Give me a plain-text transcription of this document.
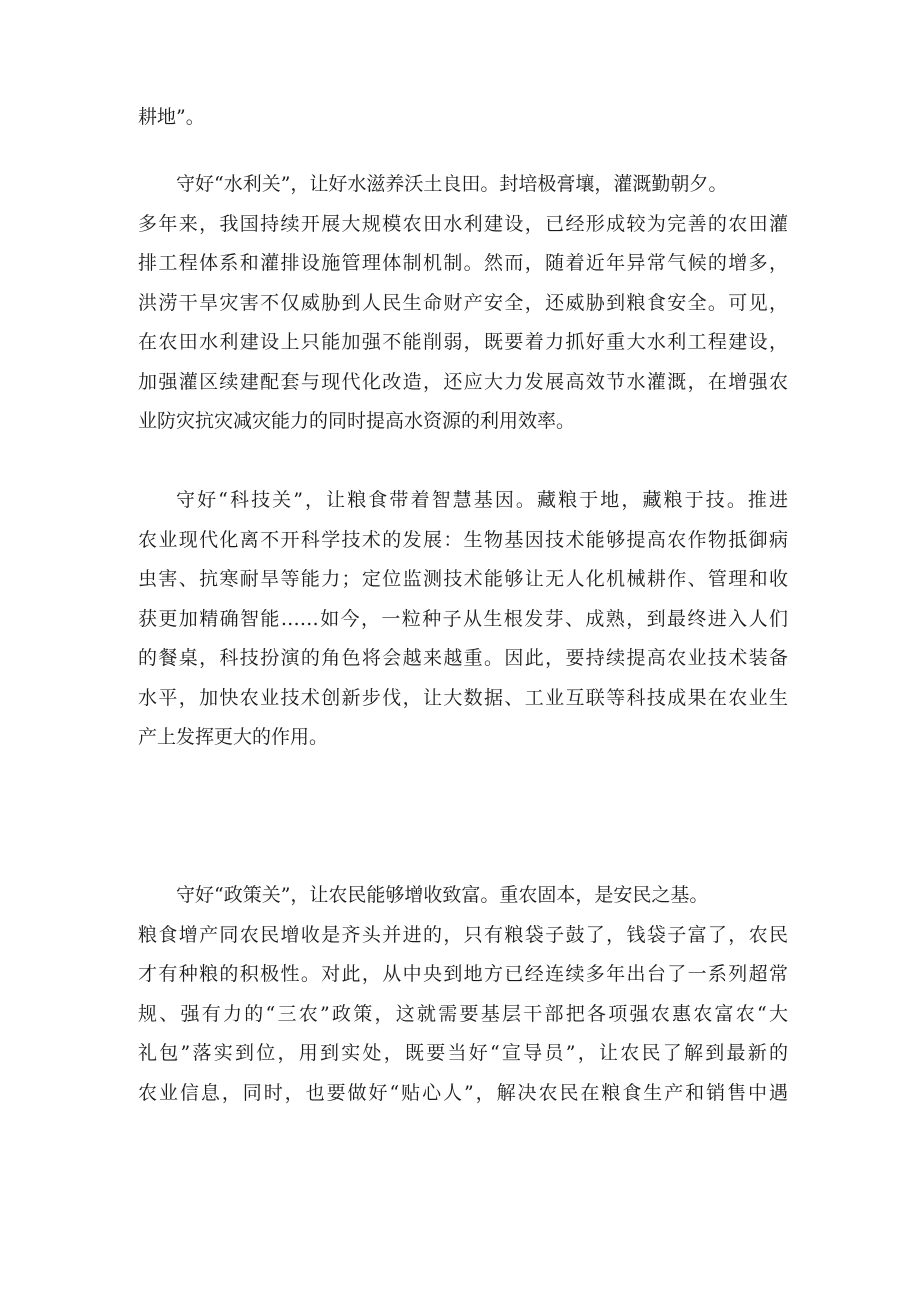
耕地”。
守好“水利关”，让好水滋养沃土良田。封培极膏壤，灌溉勤朝夕。
多年来，我国持续开展大规模农田水利建设，已经形成较为完善的农田灌
排工程体系和灌排设施管理体制机制。然而，随着近年异常气候的增多，
洪涝干旱灾害不仅威胁到人民生命财产安全，还威胁到粮食安全。可见，
在农田水利建设上只能加强不能削弱，既要着力抓好重大水利工程建设，
加强灌区续建配套与现代化改造，还应大力发展高效节水灌溉，在增强农
业防灾抗灾减灾能力的同时提高水资源的利用效率。
守好“科技关”，让粮食带着智慧基因。藏粮于地，藏粮于技。推进
农业现代化离不开科学技术的发展：生物基因技术能够提高农作物抵御病
虫害、抗寒耐旱等能力；定位监测技术能够让无人化机械耕作、管理和收
获更加精确智能……如今，一粒种子从生根发芽、成熟，到最终进入人们
的餐桌，科技扮演的角色将会越来越重。因此，要持续提高农业技术装备
水平，加快农业技术创新步伐，让大数据、工业互联等科技成果在农业生
产上发挥更大的作用。
守好“政策关”，让农民能够增收致富。重农固本，是安民之基。
粮食增产同农民增收是齐头并进的，只有粮袋子鼓了，钱袋子富了，农民
才有种粮的积极性。对此，从中央到地方已经连续多年出台了一系列超常
规、强有力的“三农”政策，这就需要基层干部把各项强农惠农富农“大
礼包”落实到位，用到实处，既要当好“宣导员”，让农民了解到最新的
农业信息，同时，也要做好“贴心人”，解决农民在粮食生产和销售中遇
